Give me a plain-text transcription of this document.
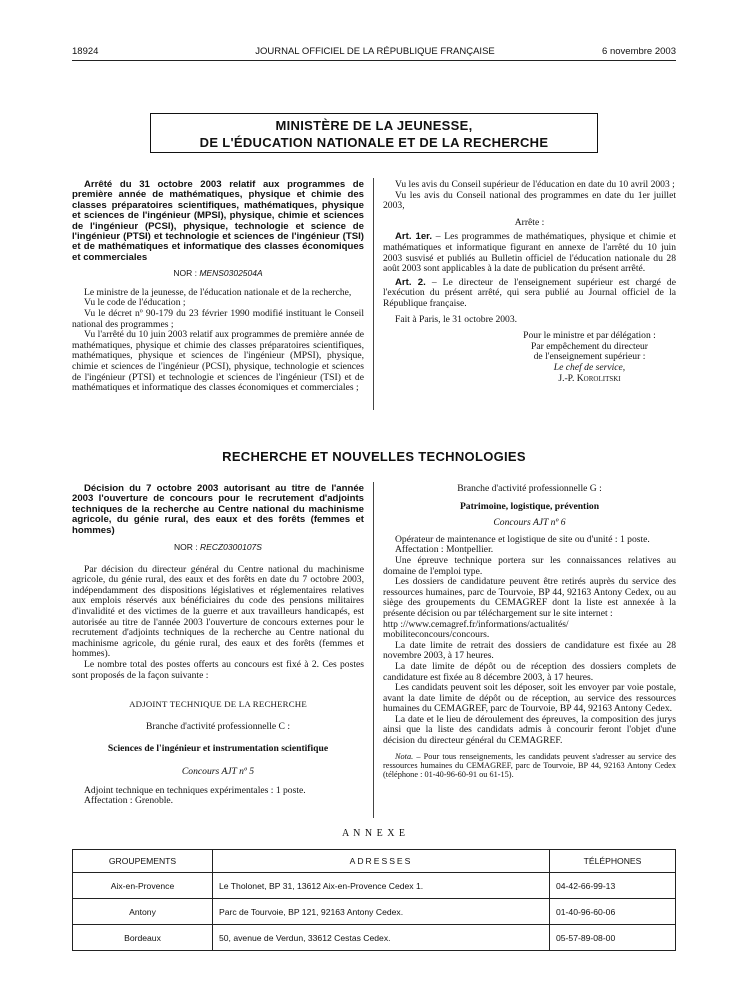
18924	JOURNAL OFFICIEL DE LA RÉPUBLIQUE FRANÇAISE	6 novembre 2003
MINISTÈRE DE LA JEUNESSE,
DE L'ÉDUCATION NATIONALE ET DE LA RECHERCHE

Arrêté du 31 octobre 2003 relatif aux programmes de première année de mathématiques, physique et chimie des classes préparatoires scientifiques, mathématiques, physique et sciences de l'ingénieur (MPSI), physique, chimie et sciences de l'ingénieur (PCSI), physique, technologie et science de l'ingénieur (PTSI) et technologie et sciences de l'ingénieur (TSI) et de mathématiques et informatique des classes économiques et commerciales

NOR : MENS0302504A

Le ministre de la jeunesse, de l'éducation nationale et de la recherche,

Vu le code de l'éducation ;

Vu le décret nº 90-179 du 23 février 1990 modifié instituant le Conseil national des programmes ;

Vu l'arrêté du 10 juin 2003 relatif aux programmes de première année de mathématiques, physique et chimie des classes préparatoires scientifiques, mathématiques, physique et sciences de l'ingénieur (MPSI), physique, chimie et sciences de l'ingénieur (PCSI), physique, technologie et sciences de l'ingénieur (PTSI) et technologie et sciences de l'ingénieur (TSI) et de mathématiques et informatique des classes économiques et commerciales ;

Vu les avis du Conseil supérieur de l'éducation en date du 10 avril 2003 ;

Vu les avis du Conseil national des programmes en date du 1er juillet 2003,

Arrête :

Art. 1er. – Les programmes de mathématiques, physique et chimie et mathématiques et informatique figurant en annexe de l'arrêté du 10 juin 2003 susvisé et publiés au Bulletin officiel de l'éducation nationale du 28 août 2003 sont applicables à la date de publication du présent arrêté.

Art. 2. – Le directeur de l'enseignement supérieur est chargé de l'exécution du présent arrêté, qui sera publié au Journal officiel de la République française.

Fait à Paris, le 31 octobre 2003.

Pour le ministre et par délégation :

Par empêchement du directeur

de l'enseignement supérieur :

Le chef de service,

J.-P. Korolitski

RECHERCHE ET NOUVELLES TECHNOLOGIES

Décision du 7 octobre 2003 autorisant au titre de l'année 2003 l'ouverture de concours pour le recrutement d'adjoints techniques de la recherche au Centre national du machinisme agricole, du génie rural, des eaux et des forêts (femmes et hommes)

NOR : RECZ0300107S

Par décision du directeur général du Centre national du machinisme agricole, du génie rural, des eaux et des forêts en date du 7 octobre 2003, indépendamment des dispositions législatives et réglementaires relatives aux emplois réservés aux bénéficiaires du code des pensions militaires d'invalidité et des victimes de la guerre et aux travailleurs handicapés, est autorisée au titre de l'année 2003 l'ouverture de concours externes pour le recrutement d'adjoints techniques de la recherche au Centre national du machinisme agricole, du génie rural, des eaux et des forêts (femmes et hommes).

Le nombre total des postes offerts au concours est fixé à 2. Ces postes sont proposés de la façon suivante :

ADJOINT TECHNIQUE DE LA RECHERCHE

Branche d'activité professionnelle C :

Sciences de l'ingénieur et instrumentation scientifique

Concours AJT nº 5

Adjoint technique en techniques expérimentales : 1 poste.

Affectation : Grenoble.

Branche d'activité professionnelle G :

Patrimoine, logistique, prévention

Concours AJT nº 6

Opérateur de maintenance et logistique de site ou d'unité : 1 poste.

Affectation : Montpellier.

Une épreuve technique portera sur les connaissances relatives au domaine de l'emploi type.

Les dossiers de candidature peuvent être retirés auprès du service des ressources humaines, parc de Tourvoie, BP 44, 92163 Antony Cedex, ou au siège des groupements du CEMAGREF dont la liste est annexée à la présente décision ou par téléchargement sur le site internet :

http ://www.cemagref.fr/informations/actualités/

mobiliteconcours/concours.

La date limite de retrait des dossiers de candidature est fixée au 28 novembre 2003, à 17 heures.

La date limite de dépôt ou de réception des dossiers complets de candidature est fixée au 8 décembre 2003, à 17 heures.

Les candidats peuvent soit les déposer, soit les envoyer par voie postale, avant la date limite de dépôt ou de réception, au service des ressources humaines du CEMAGREF, parc de Tourvoie, BP 44, 92163 Antony Cedex.

La date et le lieu de déroulement des épreuves, la composition des jurys ainsi que la liste des candidats admis à concourir feront l'objet d'une décision du directeur général du CEMAGREF.

Nota. – Pour tous renseignements, les candidats peuvent s'adresser au service des ressources humaines du CEMAGREF, parc de Tourvoie, BP 44, 92163 Antony Cedex (téléphone : 01-40-96-60-91 ou 61-15).

A N N E X E
GROUPEMENTS	ADRESSES	TÉLÉPHONES
Aix-en-Provence	Le Tholonet, BP 31, 13612 Aix-en-Provence Cedex 1.	04-42-66-99-13
Antony	Parc de Tourvoie, BP 121, 92163 Antony Cedex.	01-40-96-60-06
Bordeaux	50, avenue de Verdun, 33612 Cestas Cedex.	05-57-89-08-00
